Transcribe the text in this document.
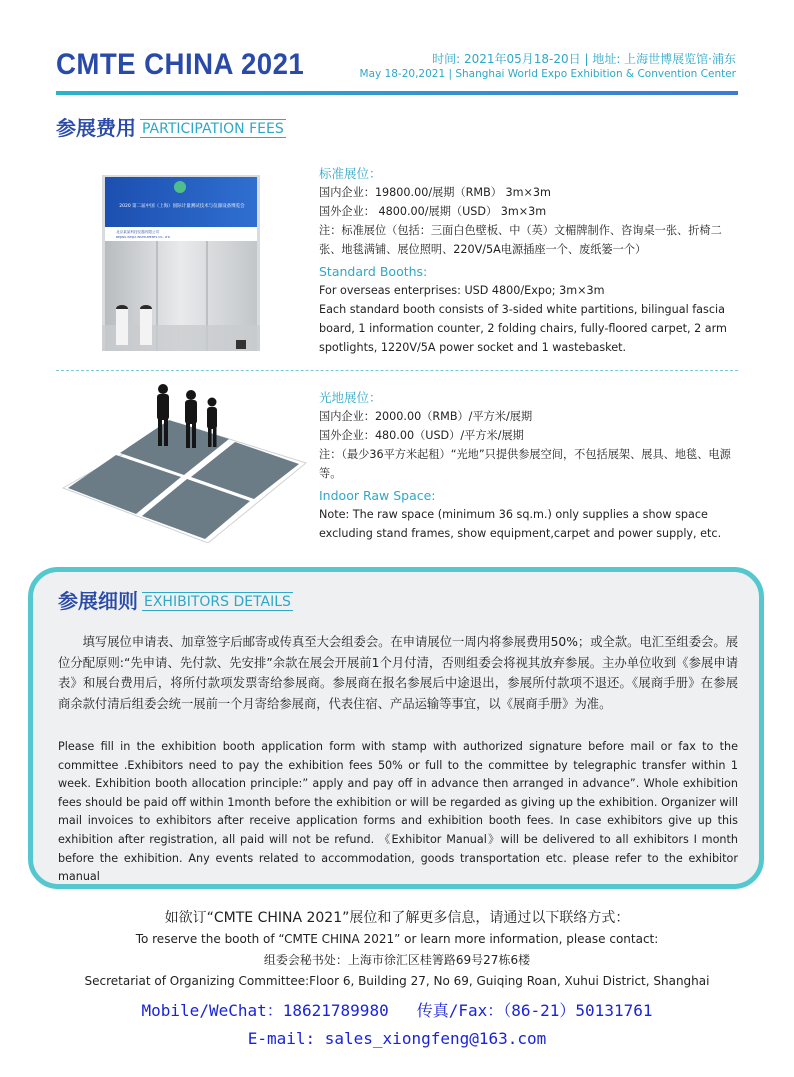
CMTE CHINA 2021	时间: 2021年05月18-20日 | 地址: 上海世博展览馆·浦东
May 18-20,2021 | Shanghai World Expo Exhibition & Convention Center
参展费用 PARTICIPATION FEES
2020 第二届中国（上海）国际计量测试技术与仪器设备博览会
北京某某科技仪器有限公司
BEIJING WEIJIA INSTRUMENTS CO., LTD

标准展位：

国内企业：19800.00/展期（RMB） 3m×3m

国外企业： 4800.00/展期（USD） 3m×3m

注：标准展位（包括：三面白色壁板、中（英）文楣牌制作、咨询桌一张、折椅二张、地毯满铺、展位照明、220V/5A电源插座一个、废纸篓一个）

Standard Booths:

For overseas enterprises: USD 4800/Expo; 3m×3m

Each standard booth consists of 3-sided white partitions, bilingual fascia board, 1 information counter, 2 folding chairs, fully-floored carpet, 2 arm spotlights, 1220V/5A power socket and 1 wastebasket.

光地展位：

国内企业：2000.00（RMB）/平方米/展期

国外企业：480.00（USD）/平方米/展期

注：（最少36平方米起租）“光地”只提供参展空间，不包括展架、展具、地毯、电源等。

Indoor Raw Space:

Note: The raw space (minimum 36 sq.m.) only supplies a show space excluding stand frames, show equipment,carpet and power supply, etc.

参展细则 EXHIBITORS DETAILS
填写展位申请表、加章签字后邮寄或传真至大会组委会。在申请展位一周内将参展费用50%；或全款。电汇至组委会。展位分配原则:“先申请、先付款、先安排”余款在展会开展前1个月付清，否则组委会将视其放弃参展。主办单位收到《参展申请表》和展台费用后，将所付款项发票寄给参展商。参展商在报名参展后中途退出，参展所付款项不退还。《展商手册》在参展商余款付清后组委会统一展前一个月寄给参展商，代表住宿、产品运输等事宜，以《展商手册》为准。
Please fill in the exhibition booth application form with stamp with authorized signature before mail or fax to the committee .Exhibitors need to pay the exhibition fees 50% or full to the committee by telegraphic transfer within 1 week. Exhibition booth allocation principle:” apply and pay off in advance then arranged in advance”. Whole exhibition fees should be paid off within 1month before the exhibition or will be regarded as giving up the exhibition. Organizer will mail invoices to exhibitors after receive application forms and exhibition booth fees. In case exhibitors give up this exhibition after registration, all paid will not be refund. 《Exhibitor Manual》will be delivered to all exhibitors I month before the exhibition. Any events related to accommodation, goods transportation etc. please refer to the exhibitor manual
如欲订“CMTE CHINA 2021”展位和了解更多信息，请通过以下联络方式：
To reserve the booth of “CMTE CHINA 2021” or learn more information, please contact:
组委会秘书处：上海市徐汇区桂箐路69号27栋6楼
Secretariat of Organizing Committee:Floor 6, Building 27, No 69, Guiqing Roan, Xuhui District, Shanghai
Mobile/WeChat：18621789980 传真/Fax：（86-21）50131761
E-mail: sales_xiongfeng@163.com
